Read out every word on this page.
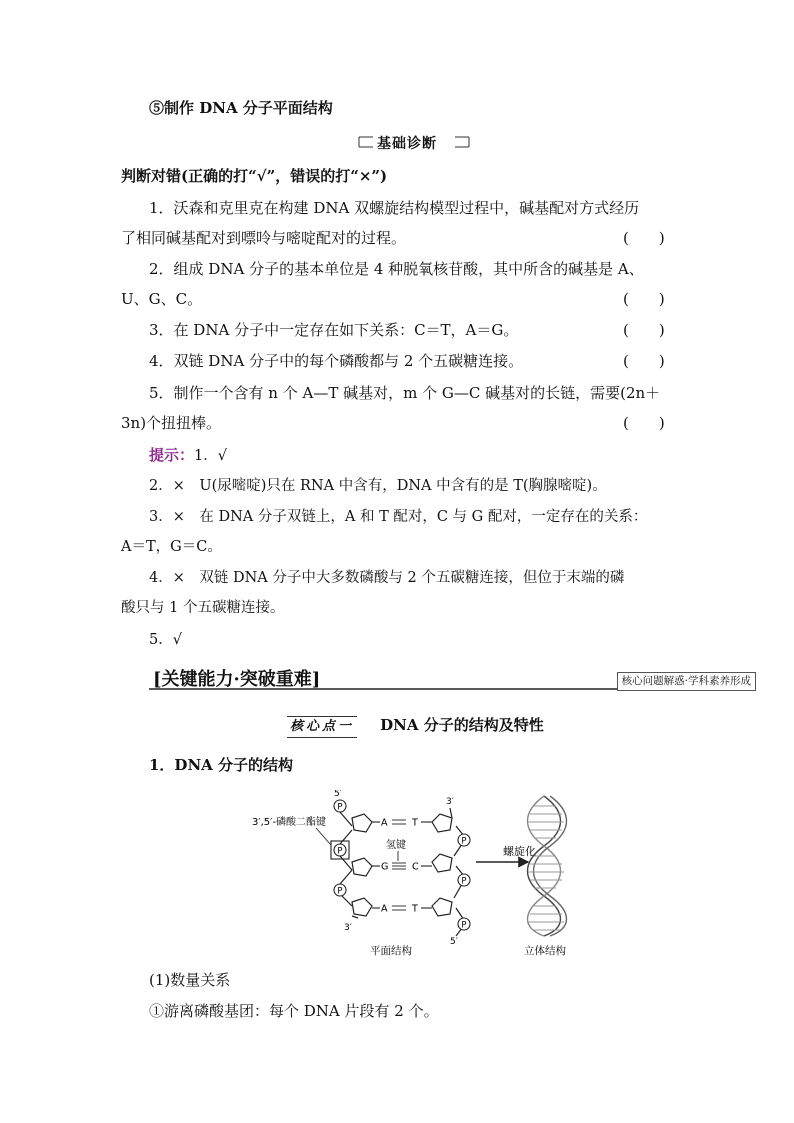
⑤制作 DNA 分子平面结构
基础诊断
判断对错(正确的打“√”，错误的打“×”)
1．沃森和克里克在构建 DNA 双螺旋结构模型过程中，碱基配对方式经历
了相同碱基配对到嘌呤与嘧啶配对的过程。	(　　)
2．组成 DNA 分子的基本单位是 4 种脱氧核苷酸，其中所含的碱基是 A、
U、G、C。	(　　)
3．在 DNA 分子中一定存在如下关系：C＝T，A＝G。	(　　)
4．双链 DNA 分子中的每个磷酸都与 2 个五碳糖连接。	(　　)
5．制作一个含有 n 个 A—T 碱基对，m 个 G—C 碱基对的长链，需要(2n＋
3n)个扭扭棒。	(　　)
提示：1．√
2．×　U(尿嘧啶)只在 RNA 中含有，DNA 中含有的是 T(胸腺嘧啶)。
3．×　在 DNA 分子双链上，A 和 T 配对，C 与 G 配对，一定存在的关系：
A＝T，G＝C。
4．×　双链 DNA 分子中大多数磷酸与 2 个五碳糖连接，但位于末端的磷
酸只与 1 个五碳糖连接。
5．√
[关键能力·突破重难]	核心问题解惑·学科素养形成
核心点一 DNA 分子的结构及特性
1．DNA 分子的结构
P
P
P
P
P
P
A	T
G C
A	T
5′
3′
3′
5′
3′,5′-磷酸二酯键
氢键	螺旋化
平面结构	立体结构
(1)数量关系
①游离磷酸基团：每个 DNA 片段有 2 个。
